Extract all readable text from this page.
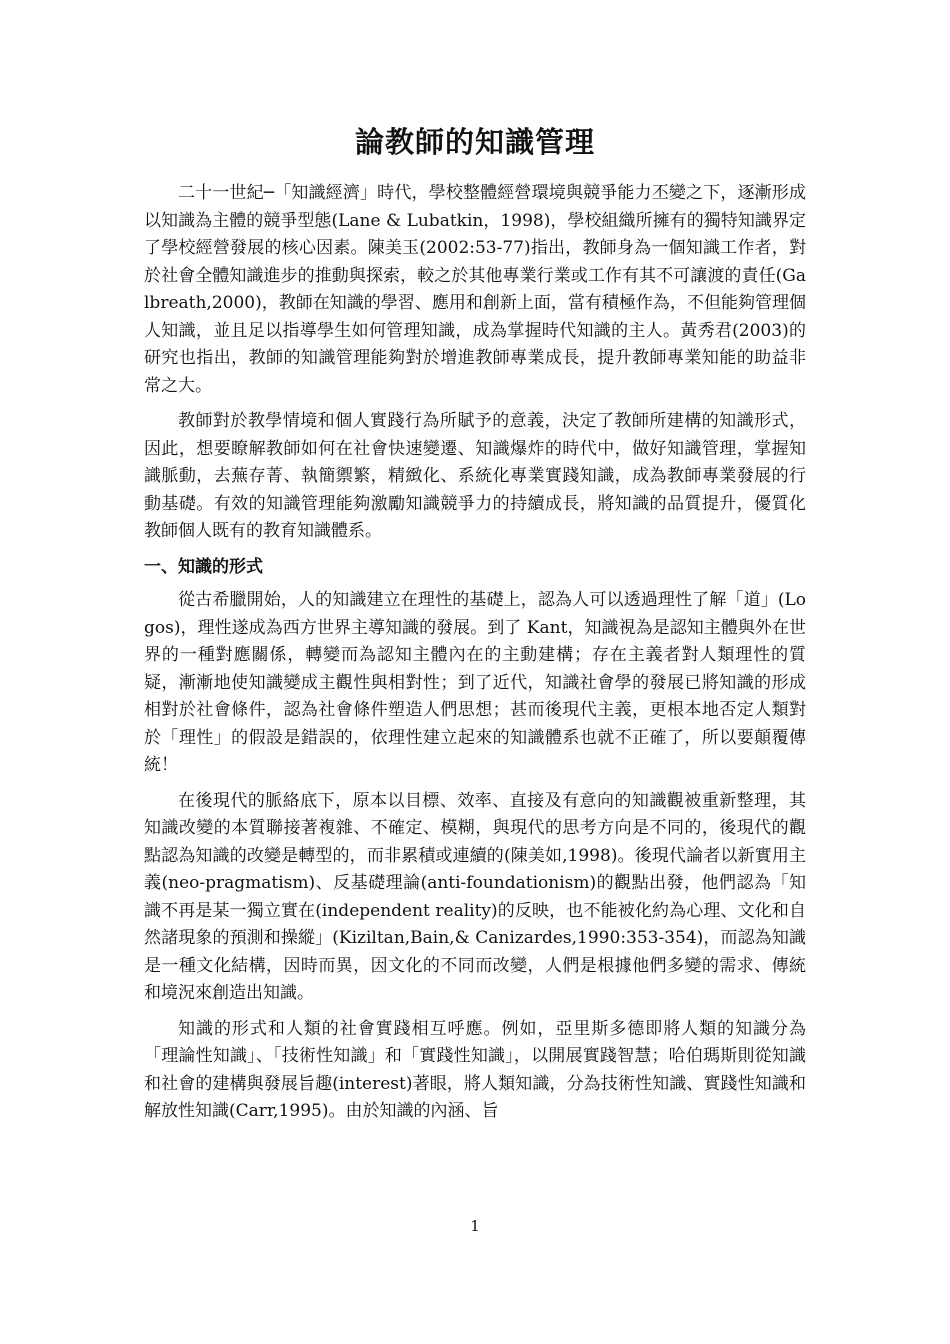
論教師的知識管理

二十一世紀─「知識經濟」時代，學校整體經營環境與競爭能力丕變之下，逐漸形成以知識為主體的競爭型態(Lane & Lubatkin，1998)，學校組織所擁有的獨特知識界定了學校經營發展的核心因素。陳美玉(2002:53-77)指出，教師身為一個知識工作者，對於社會全體知識進步的推動與探索，較之於其他專業行業或工作有其不可讓渡的責任(Galbreath,2000)，教師在知識的學習、應用和創新上面，當有積極作為，不但能夠管理個人知識，並且足以指導學生如何管理知識，成為掌握時代知識的主人。黃秀君(2003)的研究也指出，教師的知識管理能夠對於增進教師專業成長，提升教師專業知能的助益非常之大。

教師對於教學情境和個人實踐行為所賦予的意義，決定了教師所建構的知識形式，因此，想要瞭解教師如何在社會快速變遷、知識爆炸的時代中，做好知識管理，掌握知識脈動，去蕪存菁、執簡禦繁，精緻化、系統化專業實踐知識，成為教師專業發展的行動基礎。有效的知識管理能夠激勵知識競爭力的持續成長，將知識的品質提升，優質化教師個人既有的教育知識體系。

一、知識的形式

從古希臘開始，人的知識建立在理性的基礎上，認為人可以透過理性了解「道」(Logos)，理性遂成為西方世界主導知識的發展。到了 Kant，知識視為是認知主體與外在世界的一種對應關係，轉變而為認知主體內在的主動建構；存在主義者對人類理性的質疑，漸漸地使知識變成主觀性與相對性；到了近代，知識社會學的發展已將知識的形成相對於社會條件，認為社會條件塑造人們思想；甚而後現代主義，更根本地否定人類對於「理性」的假設是錯誤的，依理性建立起來的知識體系也就不正確了，所以要顛覆傳統！

在後現代的脈絡底下，原本以目標、效率、直接及有意向的知識觀被重新整理，其知識改變的本質聯接著複雜、不確定、模糊，與現代的思考方向是不同的，後現代的觀點認為知識的改變是轉型的，而非累積或連續的(陳美如,1998)。後現代論者以新實用主義(neo-pragmatism)、反基礎理論(anti-foundationism)的觀點出發，他們認為「知識不再是某一獨立實在(independent reality)的反映，也不能被化約為心理、文化和自然諸現象的預測和操縱」(Kiziltan,Bain,& Canizardes,1990:353-354)，而認為知識是一種文化結構，因時而異，因文化的不同而改變，人們是根據他們多變的需求、傳統和境況來創造出知識。

知識的形式和人類的社會實踐相互呼應。例如，亞里斯多德即將人類的知識分為「理論性知識」、「技術性知識」和「實踐性知識」，以開展實踐智慧；哈伯瑪斯則從知識和社會的建構與發展旨趣(interest)著眼，將人類知識，分為技術性知識、實踐性知識和解放性知識(Carr,1995)。由於知識的內涵、旨

1
